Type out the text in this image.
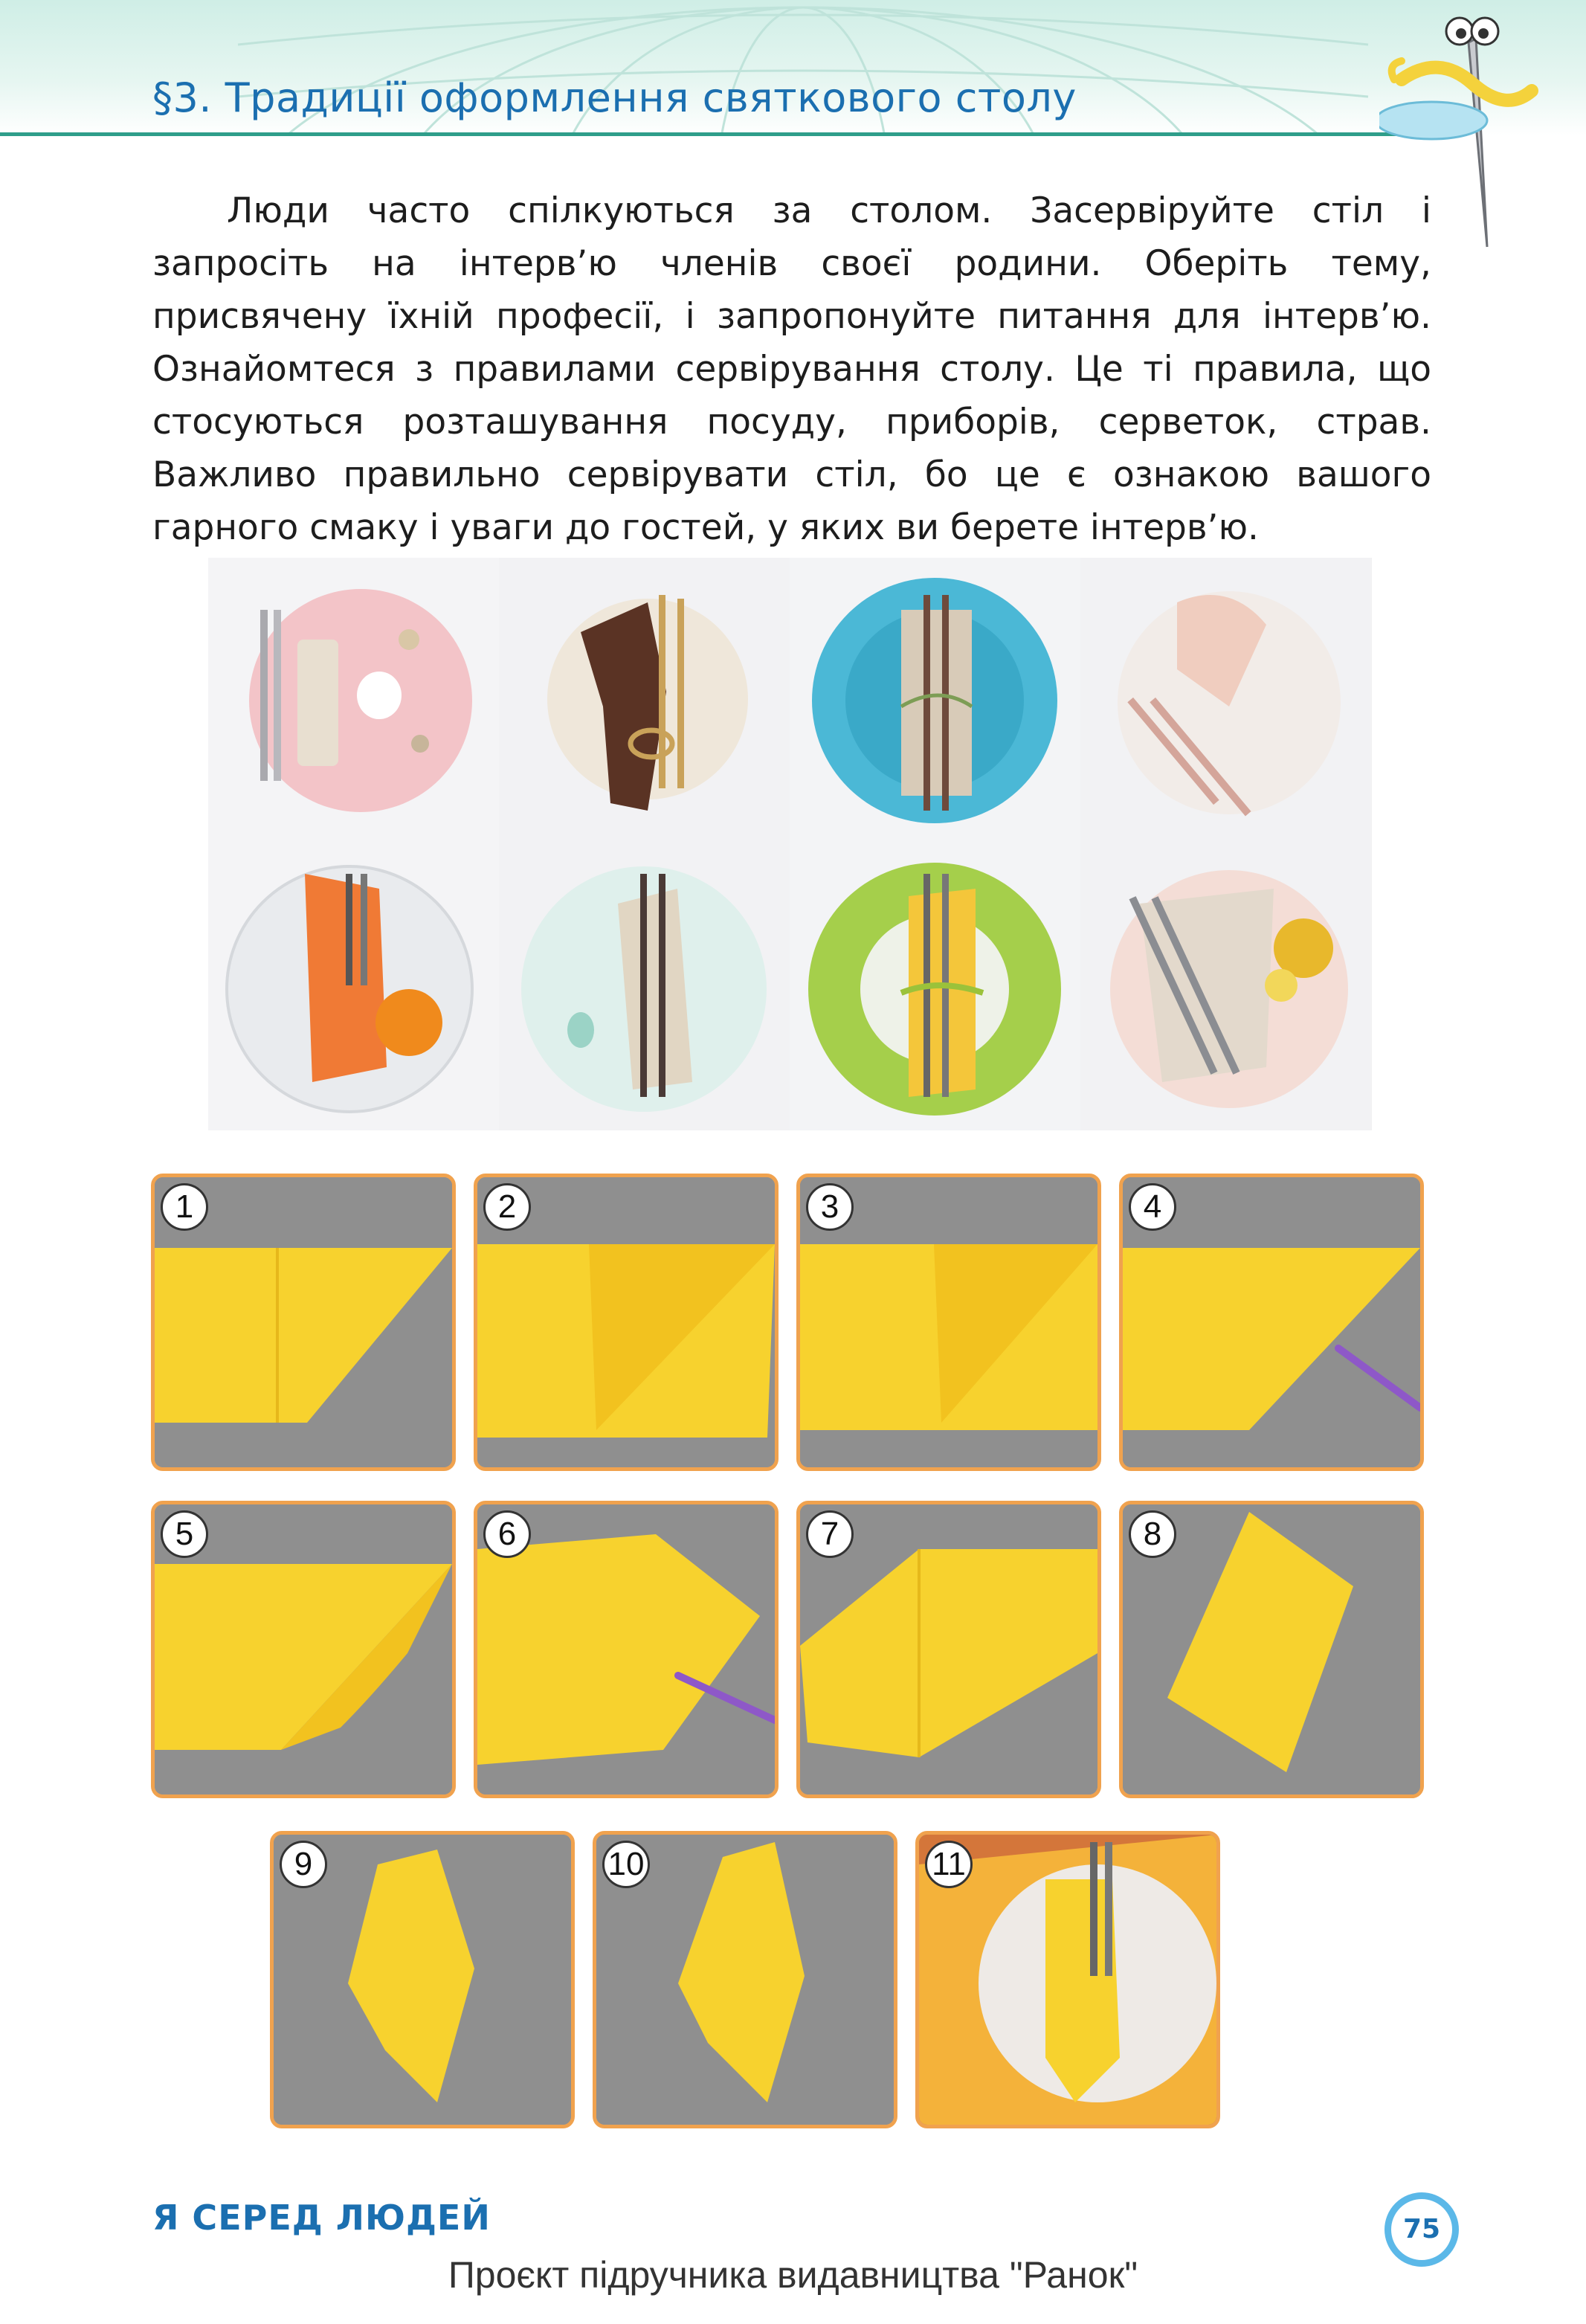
§3. Традиції оформлення святкового столу
Люди часто спілкуються за столом. Засервіруйте стіл і запросіть на інтерв’ю членів своєї родини. Оберіть тему, присвячену їхній професії, і запропонуйте питання для інтерв’ю. Ознайомтеся з правилами сервірування столу. Це ті правила, що стосуються розташування посуду, приборів, серветок, страв. Важливо правильно сервірувати стіл, бо це є ознакою вашого гарного смаку і уваги до гостей, у яких ви берете інтерв’ю.
1	2	3	4
5	6	7	8
9	10	11
Я СЕРЕД ЛЮДЕЙ	75
Проєкт підручника видавництва "Ранок"
